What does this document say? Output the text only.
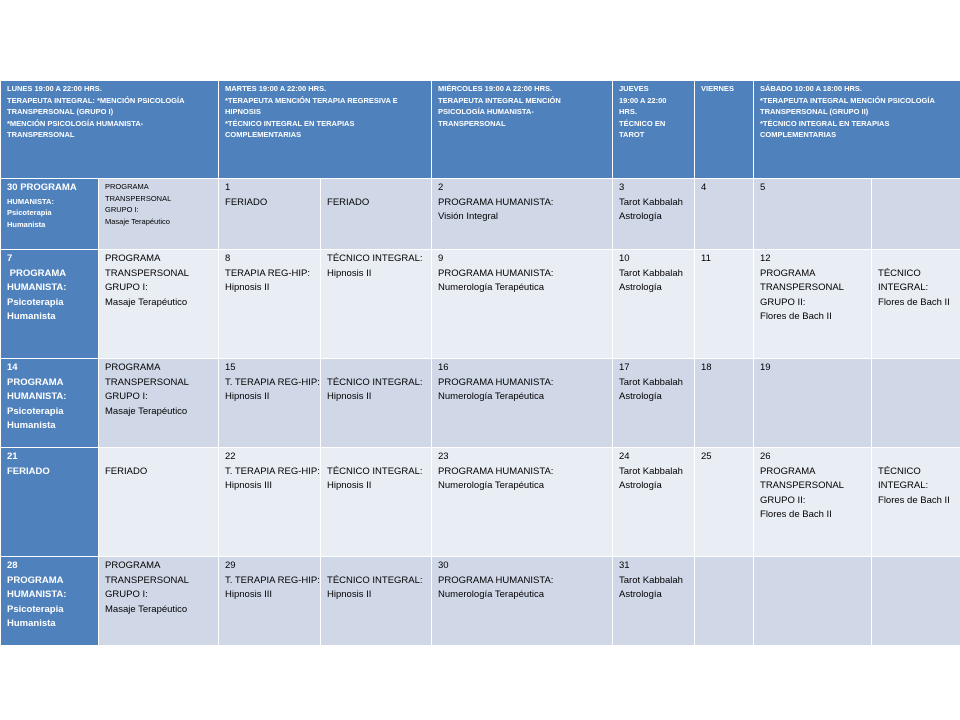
LUNES 19:00 A 22:00 HRS.
TERAPEUTA INTEGRAL: *MENCIÓN PSICOLOGÍA
TRANSPERSONAL (GRUPO I)
*MENCIÓN PSICOLOGÍA HUMANISTA-
TRANSPERSONAL		MARTES 19:00 A 22:00 HRS.
*TERAPEUTA MENCIÓN TERAPIA REGRESIVA E
HIPNOSIS
*TÉCNICO INTEGRAL EN TERAPIAS
COMPLEMENTARIAS		MIÉRCOLES 19:00 A 22:00 HRS.
TERAPEUTA INTEGRAL MENCIÓN
PSICOLOGÍA HUMANISTA-
TRANSPERSONAL	JUEVES
19:00 A 22:00
HRS.
TÉCNICO EN
TAROT	VIERNES	SÁBADO 10:00 A 18:00 HRS.
*TERAPEUTA INTEGRAL MENCIÓN PSICOLOGÍA
TRANSPERSONAL (GRUPO II)
*TÉCNICO INTEGRAL EN TERAPIAS
COMPLEMENTARIAS	

30 PROGRAMA
HUMANISTA:
Psicoterapia
Humanista	PROGRAMA
TRANSPERSONAL
GRUPO I:
Masaje Terapéutico	1
FERIADO	FERIADO	2
PROGRAMA HUMANISTA:
Visión Integral	3
Tarot Kabbalah
Astrología	4	5	

7
PROGRAMA
HUMANISTA:
Psicoterapia
Humanista	PROGRAMA
TRANSPERSONAL
GRUPO I:
Masaje Terapéutico	8
TERAPIA REG-HIP:
Hipnosis II	TÉCNICO INTEGRAL:
Hipnosis II	9
PROGRAMA HUMANISTA:
Numerología Terapéutica	10
Tarot Kabbalah
Astrología	11	12
PROGRAMA
TRANSPERSONAL
GRUPO II:
Flores de Bach II	TÉCNICO
INTEGRAL:
Flores de Bach II

14
PROGRAMA
HUMANISTA:
Psicoterapia
Humanista	PROGRAMA
TRANSPERSONAL
GRUPO I:
Masaje Terapéutico	15
T. TERAPIA REG-HIP:
Hipnosis II	TÉCNICO INTEGRAL:
Hipnosis II	16
PROGRAMA HUMANISTA:
Numerología Terapéutica	17
Tarot Kabbalah
Astrología	18	19	

21
FERIADO	FERIADO	22
T. TERAPIA REG-HIP:
Hipnosis III	TÉCNICO INTEGRAL:
Hipnosis II	23
PROGRAMA HUMANISTA:
Numerología Terapéutica	24
Tarot Kabbalah
Astrología	25	26
PROGRAMA
TRANSPERSONAL
GRUPO II:
Flores de Bach II	TÉCNICO
INTEGRAL:
Flores de Bach II

28
PROGRAMA
HUMANISTA:
Psicoterapia
Humanista	PROGRAMA
TRANSPERSONAL
GRUPO I:
Masaje Terapéutico	29
T. TERAPIA REG-HIP:
Hipnosis III	TÉCNICO INTEGRAL:
Hipnosis II	30
PROGRAMA HUMANISTA:
Numerología Terapéutica	31
Tarot Kabbalah
Astrología			
